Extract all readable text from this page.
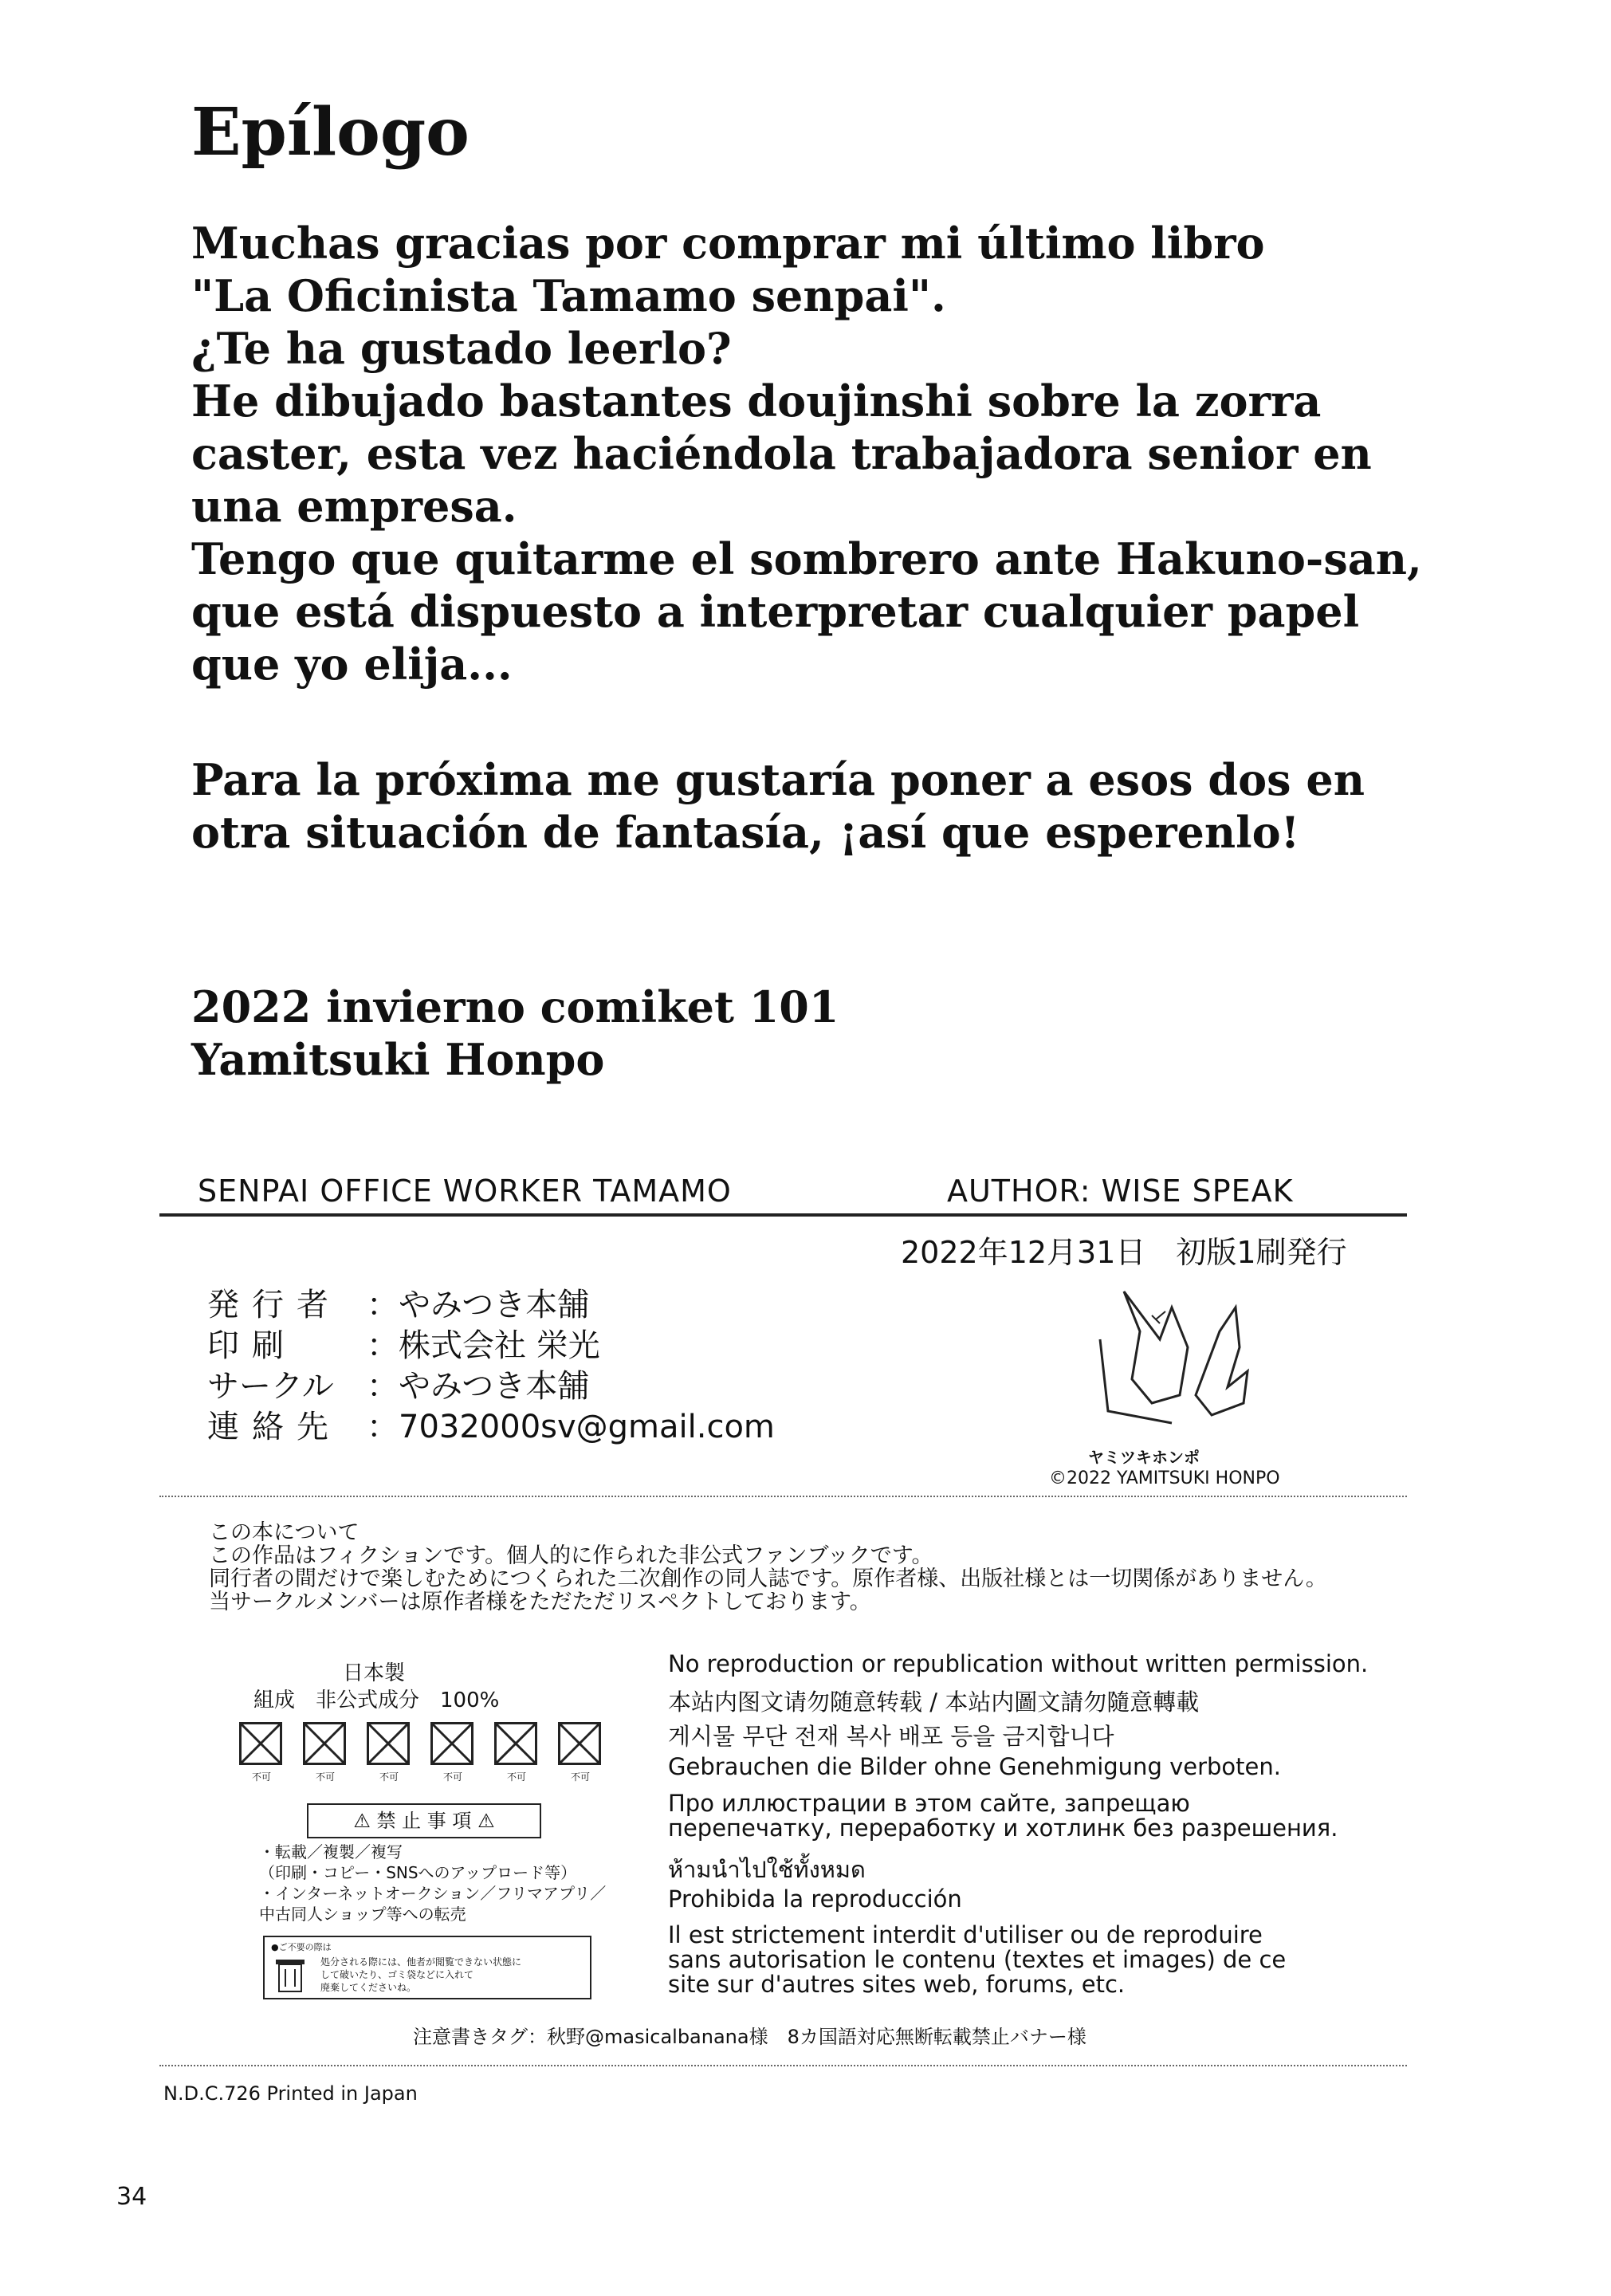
Epílogo
Muchas gracias por comprar mi último libro
"La Oficinista Tamamo senpai".
¿Te ha gustado leerlo?
He dibujado bastantes doujinshi sobre la zorra
caster, esta vez haciéndola trabajadora senior en
una empresa.
Tengo que quitarme el sombrero ante Hakuno-san,
que está dispuesto a interpretar cualquier papel
que yo elija...
Para la próxima me gustaría poner a esos dos en
otra situación de fantasía, ¡así que esperenlo!
2022 invierno comiket 101
Yamitsuki Honpo
SENPAI OFFICE WORKER TAMAMO	AUTHOR: WISE SPEAK
2022年12月31日　初版1刷発行
発行者 ：やみつき本舗
印刷 ：株式会社 栄光
サークル ：やみつき本舗
連絡先 ：7032000sv@gmail.com
ヤミツキホンポ
©2022 YAMITSUKI HONPO
この本について
この作品はフィクションです。個人的に作られた非公式ファンブックです。
同行者の間だけで楽しむためにつくられた二次創作の同人誌です。原作者様、出版社様とは一切関係がありません。
当サークルメンバーは原作者様をただただリスペクトしております。
日本製
組成　非公式成分　100%
不可	不可	不可	不可	不可	不可
⚠ 禁 止 事 項 ⚠
・転載／複製／複写
（印刷・コピー・SNSへのアップロード等）
・インターネットオークション／フリマアプリ／
中古同人ショップ等への転売
●ご不要の際は
処分される際には、他者が閲覧できない状態に
して破いたり、ゴミ袋などに入れて
廃棄してくださいね。
No reproduction or republication without written permission.
本站内图文请勿随意转载 / 本站内圖文請勿隨意轉載
게시물 무단 전재 복사 배포 등을 금지합니다
Gebrauchen die Bilder ohne Genehmigung verboten.
Про иллюстрации в этом сайте, запрещаю
перепечатку, переработку и хотлинк без разрешения.
ห้ามนำไปใช้ทั้งหมด
Prohibida la reproducción
Il est strictement interdit d'utiliser ou de reproduire
sans autorisation le contenu (textes et images) de ce
site sur d'autres sites web, forums, etc.
注意書きタグ：秋野@masicalbanana様　8カ国語対応無断転載禁止バナー様
N.D.C.726 Printed in Japan
34
